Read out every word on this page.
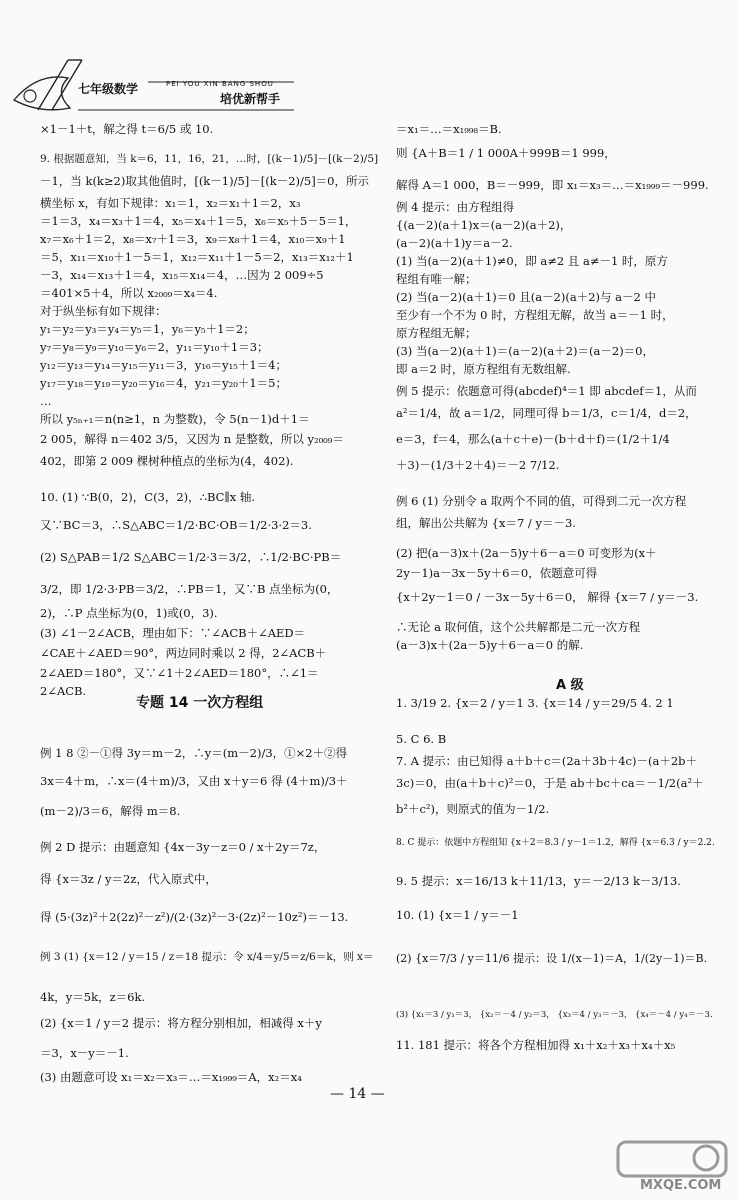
七年级数学	PEI YOU XIN BANG SHOU
培优新帮手
×1－1＋t，解之得 t＝6/5 或 10.
9. 根据题意知，当 k＝6，11，16，21，…时，[(k－1)/5]－[(k－2)/5]
－1，当 k(k≥2)取其他值时，[(k－1)/5]－[(k－2)/5]＝0，所示
横坐标 x，有如下规律：x₁＝1，x₂＝x₁＋1＝2，x₃
＝1＝3，x₄＝x₃＋1＝4，x₅＝x₄＋1＝5，x₆＝x₅＋5－5＝1，
x₇＝x₆＋1＝2，x₈＝x₇＋1＝3，x₉＝x₈＋1＝4，x₁₀＝x₉＋1
＝5，x₁₁＝x₁₀＋1－5＝1，x₁₂＝x₁₁＋1－5＝2，x₁₃＝x₁₂＋1
－3，x₁₄＝x₁₃＋1＝4，x₁₅＝x₁₄＝4，…因为 2 009÷5
＝401×5＋4，所以 x₂₀₀₉＝x₄＝4.
对于纵坐标有如下规律：
y₁＝y₂＝y₃＝y₄＝y₅＝1，y₆＝y₅＋1＝2；
y₇＝y₈＝y₉＝y₁₀＝y₆＝2，y₁₁＝y₁₀＋1＝3；
y₁₂＝y₁₃＝y₁₄＝y₁₅＝y₁₁＝3，y₁₆＝y₁₅＋1＝4；
y₁₇＝y₁₈＝y₁₉＝y₂₀＝y₁₆＝4，y₂₁＝y₂₀＋1＝5；
…
所以 y₅ₙ₊₁＝n(n≥1，n 为整数)，令 5(n－1)d＋1＝
2 005，解得 n＝402 3/5，又因为 n 是整数，所以 y₂₀₀₉＝
402，即第 2 009 棵树种植点的坐标为(4，402).
10. (1) ∵B(0，2)，C(3，2)，∴BC∥x 轴.
又∵BC＝3，∴S△ABC＝1/2·BC·OB＝1/2·3·2＝3.
(2) S△PAB＝1/2 S△ABC＝1/2·3＝3/2，∴1/2·BC·PB＝
3/2，即 1/2·3·PB＝3/2，∴PB＝1，又∵B 点坐标为(0，
2)，∴P 点坐标为(0，1)或(0，3).
(3) ∠1－2∠ACB，理由如下：∵∠ACB＋∠AED＝
∠CAE＋∠AED＝90°，两边同时乘以 2 得，2∠ACB＋
2∠AED＝180°，又∵∠1＋2∠AED＝180°，∴∠1＝
2∠ACB.
例 1 8 ②－①得 3y＝m－2，∴y＝(m－2)/3，①×2＋②得
3x＝4＋m，∴x＝(4＋m)/3，又由 x＋y＝6 得 (4＋m)/3＋
(m－2)/3＝6，解得 m＝8.
例 2 D 提示：由题意知 {4x－3y－z＝0 / x＋2y＝7z，
得 {x＝3z / y＝2z，代入原式中，
得 (5·(3z)²＋2(2z)²－z²)/(2·(3z)²－3·(2z)²－10z²)＝－13.
例 3 (1) {x＝12 / y＝15 / z＝18 提示：令 x/4＝y/5＝z/6＝k，则 x＝
4k，y＝5k，z＝6k.
(2) {x＝1 / y＝2 提示：将方程分别相加，相减得 x＋y
＝3，x－y＝－1.
(3) 由题意可设 x₁＝x₂＝x₃＝…＝x₁₉₉₉＝A，x₂＝x₄
专题 14 一次方程组
＝x₁＝…＝x₁₉₉₈＝B.
则 {A＋B＝1 / 1 000A＋999B＝1 999，
解得 A＝1 000，B＝－999，即 x₁＝x₃＝…＝x₁₉₉₉＝－999.
例 4 提示：由方程组得
{(a－2)(a＋1)x＝(a－2)(a＋2)，
(a－2)(a＋1)y＝a－2.
(1) 当(a－2)(a＋1)≠0，即 a≠2 且 a≠－1 时，原方
程组有唯一解；
(2) 当(a－2)(a＋1)＝0 且(a－2)(a＋2)与 a－2 中
至少有一个不为 0 时，方程组无解，故当 a＝－1 时，
原方程组无解；
(3) 当(a－2)(a＋1)＝(a－2)(a＋2)＝(a－2)＝0，
即 a＝2 时，原方程组有无数组解.
例 5 提示：依题意可得(abcdef)⁴＝1 即 abcdef＝1，从而
a²＝1/4，故 a＝1/2，同理可得 b＝1/3，c＝1/4，d＝2，
e＝3，f＝4，那么(a＋c＋e)－(b＋d＋f)＝(1/2＋1/4
＋3)－(1/3＋2＋4)＝－2 7/12.
例 6 (1) 分别令 a 取两个不同的值，可得到二元一次方程
组，解出公共解为 {x＝7 / y＝－3.
(2) 把(a－3)x＋(2a－5)y＋6－a＝0 可变形为(x＋
2y－1)a－3x－5y＋6＝0，依题意可得
{x＋2y－1＝0 / －3x－5y＋6＝0， 解得 {x＝7 / y＝－3.
∴无论 a 取何值，这个公共解都是二元一次方程
(a－3)x＋(2a－5)y＋6－a＝0 的解.
1. 3/19 2. {x＝2 / y＝1 3. {x＝14 / y＝29/5 4. 2 1
5. C 6. B
7. A 提示：由已知得 a＋b＋c＝(2a＋3b＋4c)－(a＋2b＋
3c)＝0，由(a＋b＋c)²＝0，于是 ab＋bc＋ca＝－1/2(a²＋
b²＋c²)，则原式的值为－1/2.
8. C 提示：依题中方程组知 {x＋2＝8.3 / y－1＝1.2，解得 {x＝6.3 / y＝2.2.
9. 5 提示：x＝16/13 k＋11/13，y＝－2/13 k－3/13.
10. (1) {x＝1 / y＝－1
(2) {x＝7/3 / y＝11/6 提示：设 1/(x－1)＝A，1/(2y－1)＝B.
(3) {x₁＝3 / y₁＝3， {x₂＝－4 / y₂＝3， {x₃＝4 / y₃＝－3， {x₄＝－4 / y₄＝－3.
11. 181 提示：将各个方程相加得 x₁＋x₂＋x₃＋x₄＋x₅
A 级
— 14 —
MXQE.COM
